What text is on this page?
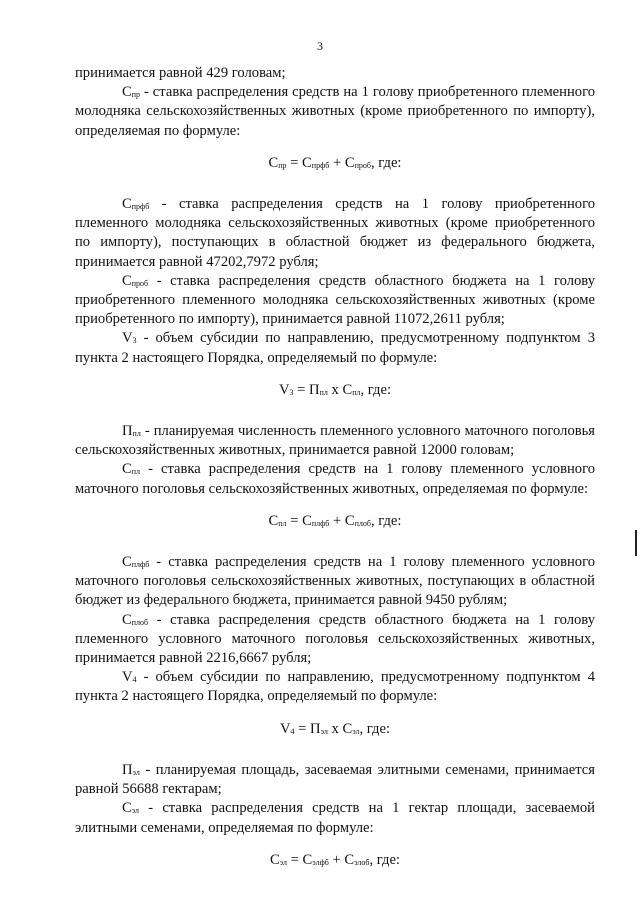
3

принимается равной 429 головам;

$С_{пр}$ - ставка распределения средств на 1 голову приобретенного племенного молодняка сельскохозяйственных животных (кроме приобретенного по импорту), определяемая по формуле:

$С_{пр} = С_{прфб} + С_{проб}$, где:

$С_{прфб}$ - ставка распределения средств на 1 голову приобретенного племенного молодняка сельскохозяйственных животных (кроме приобретенного по импорту), поступающих в областной бюджет из федерального бюджета, принимается равной 47202,7972 рубля;

$С_{проб}$ - ставка распределения средств областного бюджета на 1 голову приобретенного племенного молодняка сельскохозяйственных животных (кроме приобретенного по импорту), принимается равной 11072,2611 рубля;

$V_3$ - объем субсидии по направлению, предусмотренному подпунктом 3 пункта 2 настоящего Порядка, определяемый по формуле:

$V_3 = П_{пл}$ х $С_{пл}$, где:

$П_{пл}$ - планируемая численность племенного условного маточного поголовья сельскохозяйственных животных, принимается равной 12000 головам;

$С_{пл}$ - ставка распределения средств на 1 голову племенного условного маточного поголовья сельскохозяйственных животных, определяемая по формуле:

$С_{пл} = С_{плфб} + С_{плоб}$, где:

$С_{плфб}$ - ставка распределения средств на 1 голову племенного условного маточного поголовья сельскохозяйственных животных, поступающих в областной бюджет из федерального бюджета, принимается равной 9450 рублям;

$С_{плоб}$ - ставка распределения средств областного бюджета на 1 голову племенного условного маточного поголовья сельскохозяйственных животных, принимается равной 2216,6667 рубля;

$V_4$ - объем субсидии по направлению, предусмотренному подпунктом 4 пункта 2 настоящего Порядка, определяемый по формуле:

$V_4 = П_{эл}$ х $С_{эл}$, где:

$П_{эл}$ - планируемая площадь, засеваемая элитными семенами, принимается равной 56688 гектарам;

$С_{эл}$ - ставка распределения средств на 1 гектар площади, засеваемой элитными семенами, определяемая по формуле:

$С_{эл} = С_{элфб} + С_{элоб}$, где:
